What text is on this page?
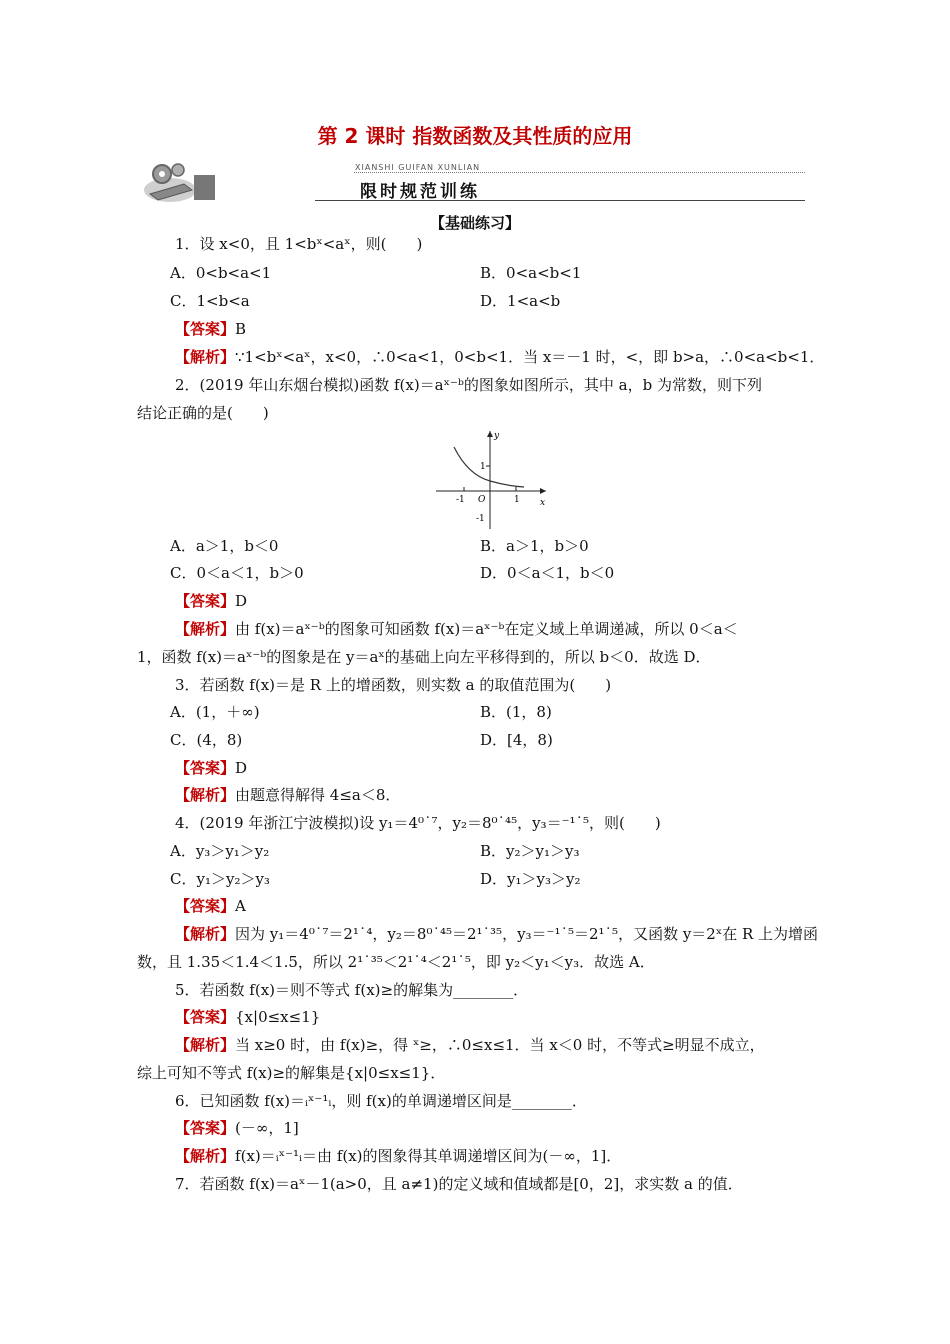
第 2 课时 指数函数及其性质的应用
XIANSHI GUIFAN XUNLIAN
限时规范训练
【基础练习】
1．设 x<0，且 1<bˣ<aˣ，则(　　)
A．0<b<a<1	B．0<a<b<1
C．1<b<a	D．1<a<b
【答案】B
【解析】∵1<bˣ<aˣ，x<0，∴0<a<1，0<b<1．当 x＝－1 时，<，即 b>a，∴0<a<b<1．
2．(2019 年山东烟台模拟)函数 f(x)＝aˣ⁻ᵇ的图象如图所示，其中 a，b 为常数，则下列
结论正确的是(　　)
y
x
1
-1
O	1
-1
A．a＞1，b＜0	B．a＞1，b＞0
C．0＜a＜1，b＞0	D．0＜a＜1，b＜0
【答案】D
【解析】由 f(x)＝aˣ⁻ᵇ的图象可知函数 f(x)＝aˣ⁻ᵇ在定义域上单调递减，所以 0＜a＜
1，函数 f(x)＝aˣ⁻ᵇ的图象是在 y＝aˣ的基础上向左平移得到的，所以 b＜0．故选 D．
3．若函数 f(x)＝是 R 上的增函数，则实数 a 的取值范围为(　　)
A．(1，＋∞)	B．(1，8)
C．(4，8)	D．[4，8)
【答案】D
【解析】由题意得解得 4≤a＜8．
4．(2019 年浙江宁波模拟)设 y₁＝4⁰˙⁷，y₂＝8⁰˙⁴⁵，y₃＝⁻¹˙⁵，则(　　)
A．y₃＞y₁＞y₂	B．y₂＞y₁＞y₃
C．y₁＞y₂＞y₃	D．y₁＞y₃＞y₂
【答案】A
【解析】因为 y₁＝4⁰˙⁷＝2¹˙⁴，y₂＝8⁰˙⁴⁵＝2¹˙³⁵，y₃＝⁻¹˙⁵＝2¹˙⁵，又函数 y＝2ˣ在 R 上为增函
数，且 1.35＜1.4＜1.5，所以 2¹˙³⁵＜2¹˙⁴＜2¹˙⁵，即 y₂＜y₁＜y₃．故选 A．
5．若函数 f(x)＝则不等式 f(x)≥的解集为________．
【答案】{x|0≤x≤1}
【解析】当 x≥0 时，由 f(x)≥，得 ˣ≥，∴0≤x≤1．当 x＜0 时，不等式≥明显不成立，
综上可知不等式 f(x)≥的解集是{x|0≤x≤1}．
6．已知函数 f(x)＝ᵢˣ⁻¹ᵢ，则 f(x)的单调递增区间是________．
【答案】(－∞，1]
【解析】f(x)＝ᵢˣ⁻¹ᵢ＝由 f(x)的图象得其单调递增区间为(－∞，1]．
7．若函数 f(x)＝aˣ－1(a>0，且 a≠1)的定义域和值域都是[0，2]，求实数 a 的值．
